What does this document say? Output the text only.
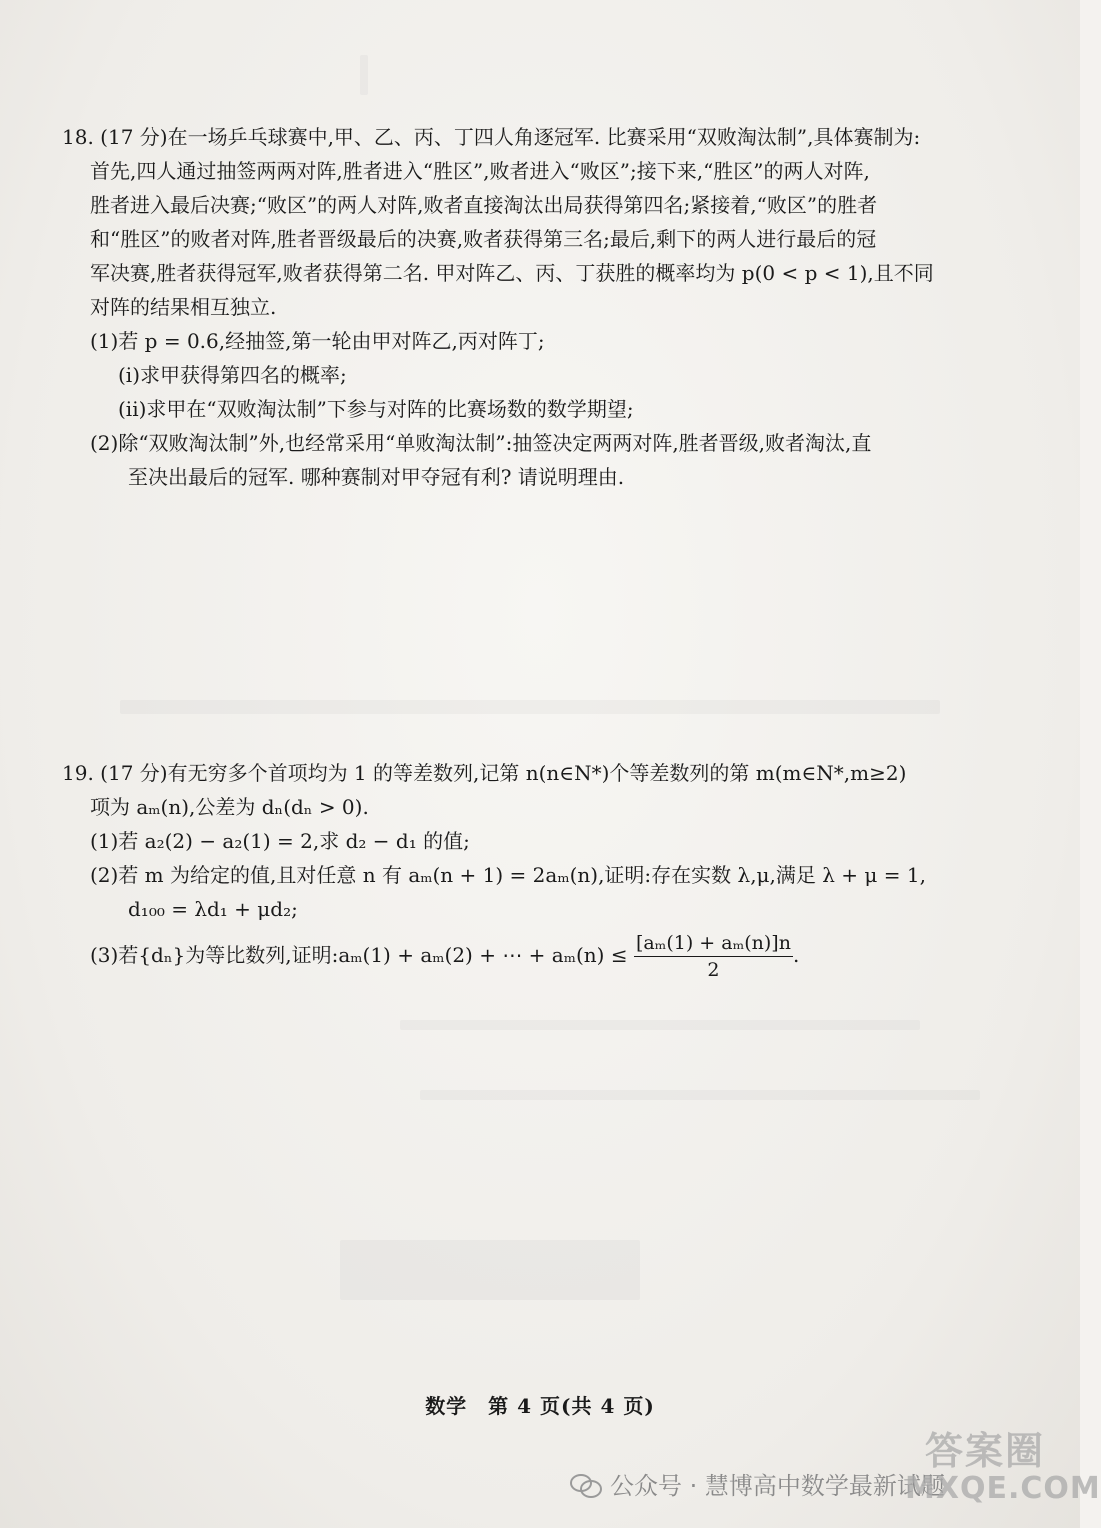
18. (17 分)在一场乒乓球赛中,甲、乙、丙、丁四人角逐冠军. 比赛采用“双败淘汰制”,具体赛制为:

首先,四人通过抽签两两对阵,胜者进入“胜区”,败者进入“败区”;接下来,“胜区”的两人对阵,

胜者进入最后决赛;“败区”的两人对阵,败者直接淘汰出局获得第四名;紧接着,“败区”的胜者

和“胜区”的败者对阵,胜者晋级最后的决赛,败者获得第三名;最后,剩下的两人进行最后的冠

军决赛,胜者获得冠军,败者获得第二名. 甲对阵乙、丙、丁获胜的概率均为 p(0 < p < 1),且不同

对阵的结果相互独立.

(1)若 p = 0.6,经抽签,第一轮由甲对阵乙,丙对阵丁;

(i)求甲获得第四名的概率;

(ii)求甲在“双败淘汰制”下参与对阵的比赛场数的数学期望;

(2)除“双败淘汰制”外,也经常采用“单败淘汰制”:抽签决定两两对阵,胜者晋级,败者淘汰,直

至决出最后的冠军. 哪种赛制对甲夺冠有利? 请说明理由.

19. (17 分)有无穷多个首项均为 1 的等差数列,记第 n(n∈N*)个等差数列的第 m(m∈N*,m≥2)

项为 aₘ(n),公差为 dₙ(dₙ > 0).

(1)若 a₂(2) − a₂(1) = 2,求 d₂ − d₁ 的值;

(2)若 m 为给定的值,且对任意 n 有 aₘ(n + 1) = 2aₘ(n),证明:存在实数 λ,μ,满足 λ + μ = 1,

d₁₀₀ = λd₁ + μd₂;

(3)若{dₙ}为等比数列,证明:aₘ(1) + aₘ(2) + ⋯ + $a_m(n) \le \frac{\text{[aₘ(1) + aₘ(n)]n}}{2}$ .

数学　第 4 页(共 4 页)
公众号 · 慧博高中数学最新试题
答案圈
MXQE.COM
